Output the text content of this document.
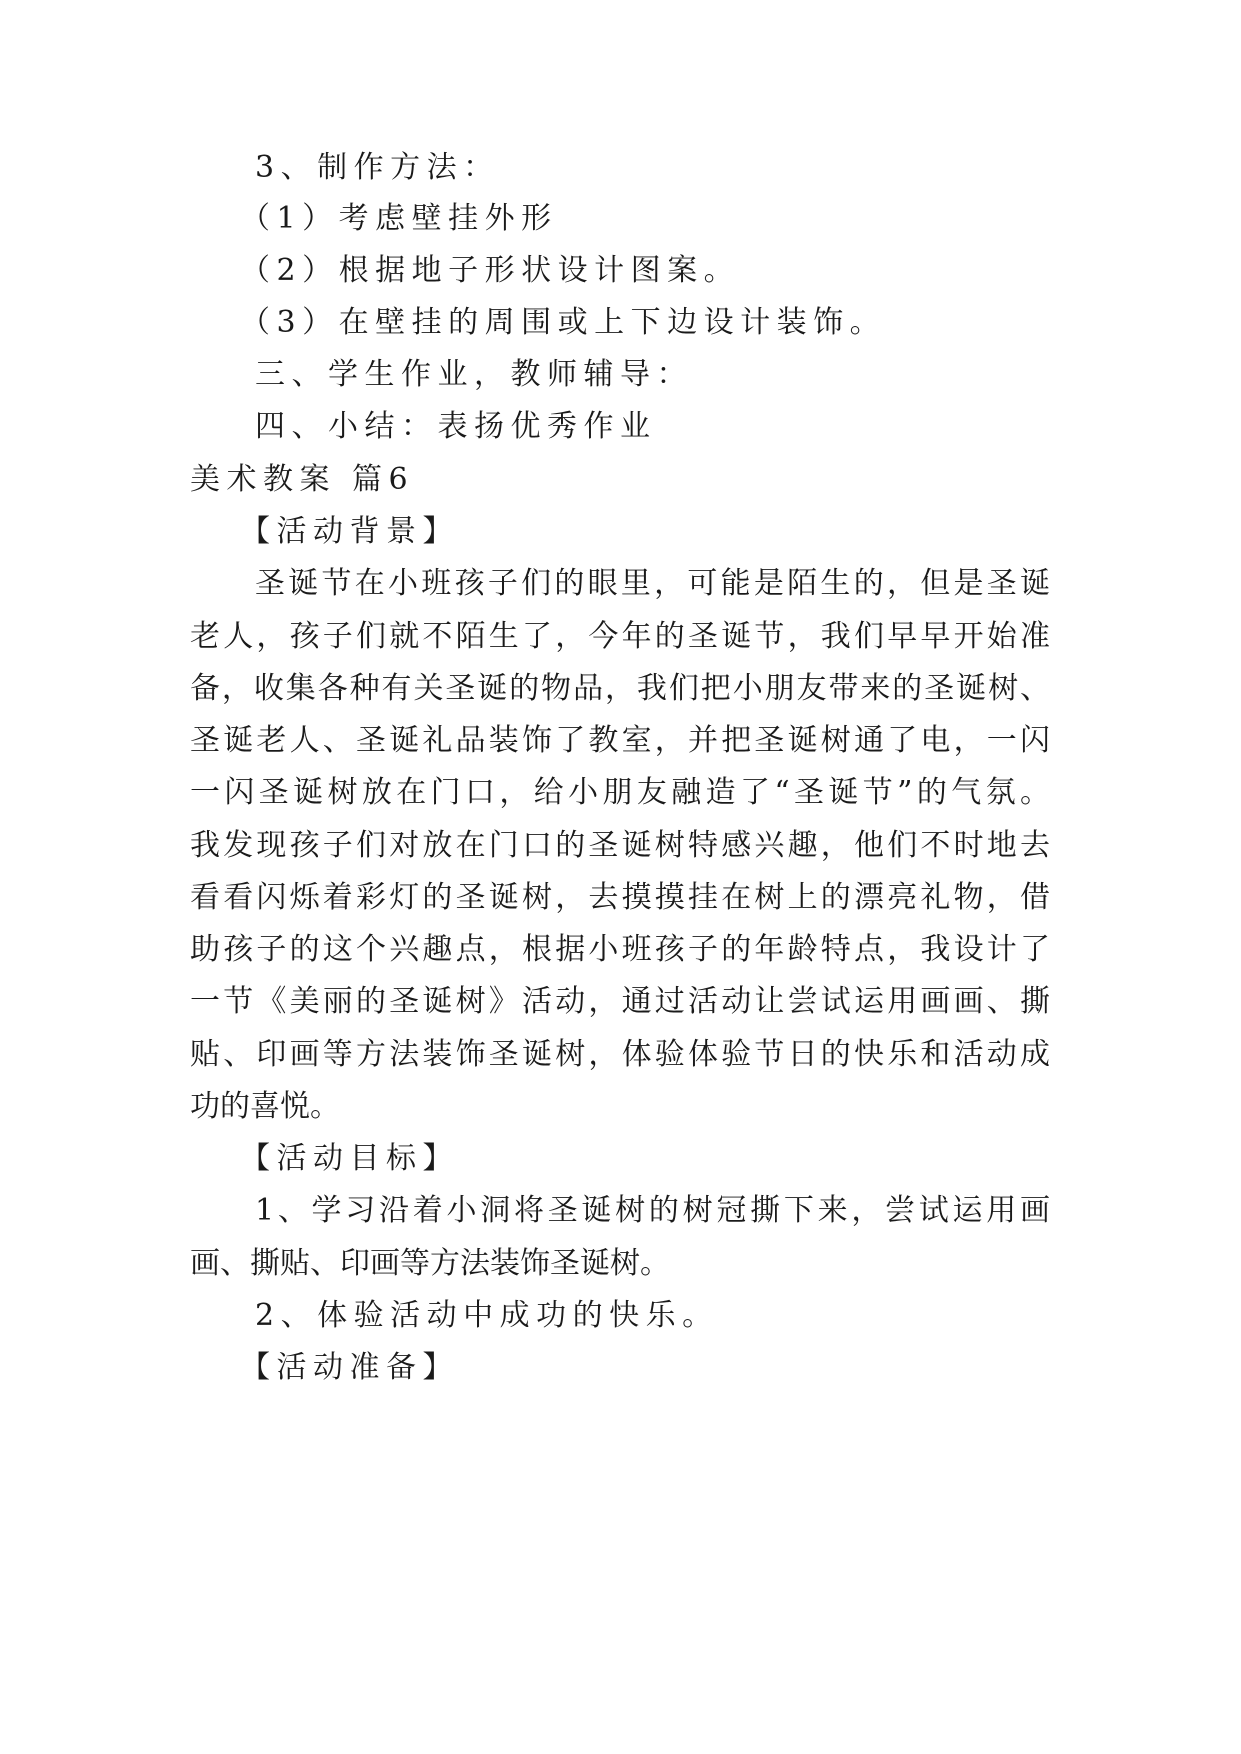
3、制作方法：
（1）考虑壁挂外形
（2）根据地子形状设计图案。
（3）在壁挂的周围或上下边设计装饰。
三、学生作业，教师辅导：
四、小结：表扬优秀作业
美术教案 篇6
【活动背景】
圣诞节在小班孩子们的眼里，可能是陌生的，但是圣诞
老人，孩子们就不陌生了，今年的圣诞节，我们早早开始准
备，收集各种有关圣诞的物品，我们把小朋友带来的圣诞树、
圣诞老人、圣诞礼品装饰了教室，并把圣诞树通了电，一闪
一闪圣诞树放在门口，给小朋友融造了“圣诞节”的气氛。
我发现孩子们对放在门口的圣诞树特感兴趣，他们不时地去
看看闪烁着彩灯的圣诞树，去摸摸挂在树上的漂亮礼物，借
助孩子的这个兴趣点，根据小班孩子的年龄特点，我设计了
一节《美丽的圣诞树》活动，通过活动让尝试运用画画、撕
贴、印画等方法装饰圣诞树，体验体验节日的快乐和活动成
功的喜悦。
【活动目标】
1、学习沿着小洞将圣诞树的树冠撕下来，尝试运用画
画、撕贴、印画等方法装饰圣诞树。
2、体验活动中成功的快乐。
【活动准备】
